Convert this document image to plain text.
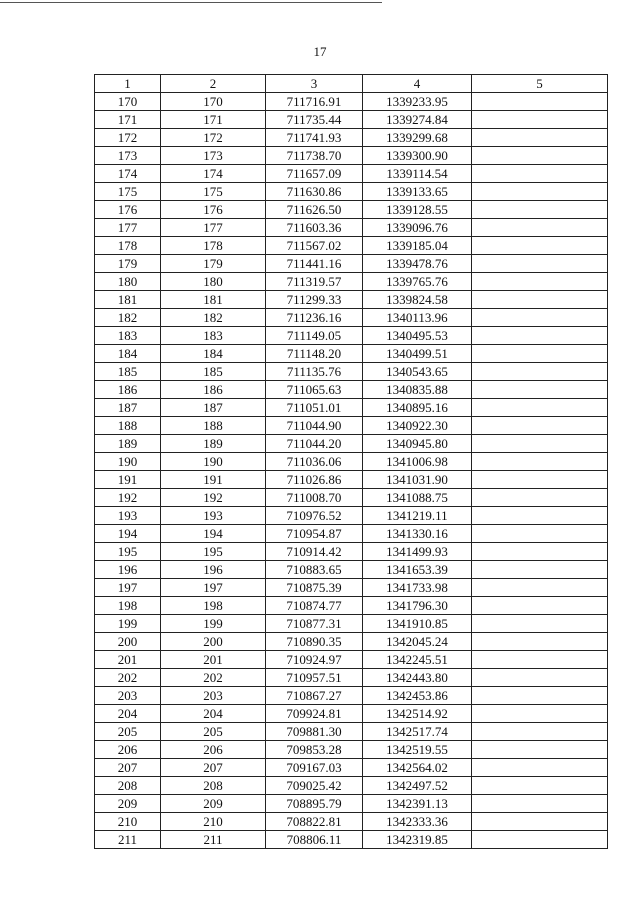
17
1	2	3	4	5
170	170	711716.91	1339233.95	
171	171	711735.44	1339274.84	
172	172	711741.93	1339299.68	
173	173	711738.70	1339300.90	
174	174	711657.09	1339114.54	
175	175	711630.86	1339133.65	
176	176	711626.50	1339128.55	
177	177	711603.36	1339096.76	
178	178	711567.02	1339185.04	
179	179	711441.16	1339478.76	
180	180	711319.57	1339765.76	
181	181	711299.33	1339824.58	
182	182	711236.16	1340113.96	
183	183	711149.05	1340495.53	
184	184	711148.20	1340499.51	
185	185	711135.76	1340543.65	
186	186	711065.63	1340835.88	
187	187	711051.01	1340895.16	
188	188	711044.90	1340922.30	
189	189	711044.20	1340945.80	
190	190	711036.06	1341006.98	
191	191	711026.86	1341031.90	
192	192	711008.70	1341088.75	
193	193	710976.52	1341219.11	
194	194	710954.87	1341330.16	
195	195	710914.42	1341499.93	
196	196	710883.65	1341653.39	
197	197	710875.39	1341733.98	
198	198	710874.77	1341796.30	
199	199	710877.31	1341910.85	
200	200	710890.35	1342045.24	
201	201	710924.97	1342245.51	
202	202	710957.51	1342443.80	
203	203	710867.27	1342453.86	
204	204	709924.81	1342514.92	
205	205	709881.30	1342517.74	
206	206	709853.28	1342519.55	
207	207	709167.03	1342564.02	
208	208	709025.42	1342497.52	
209	209	708895.79	1342391.13	
210	210	708822.81	1342333.36	
211	211	708806.11	1342319.85	
